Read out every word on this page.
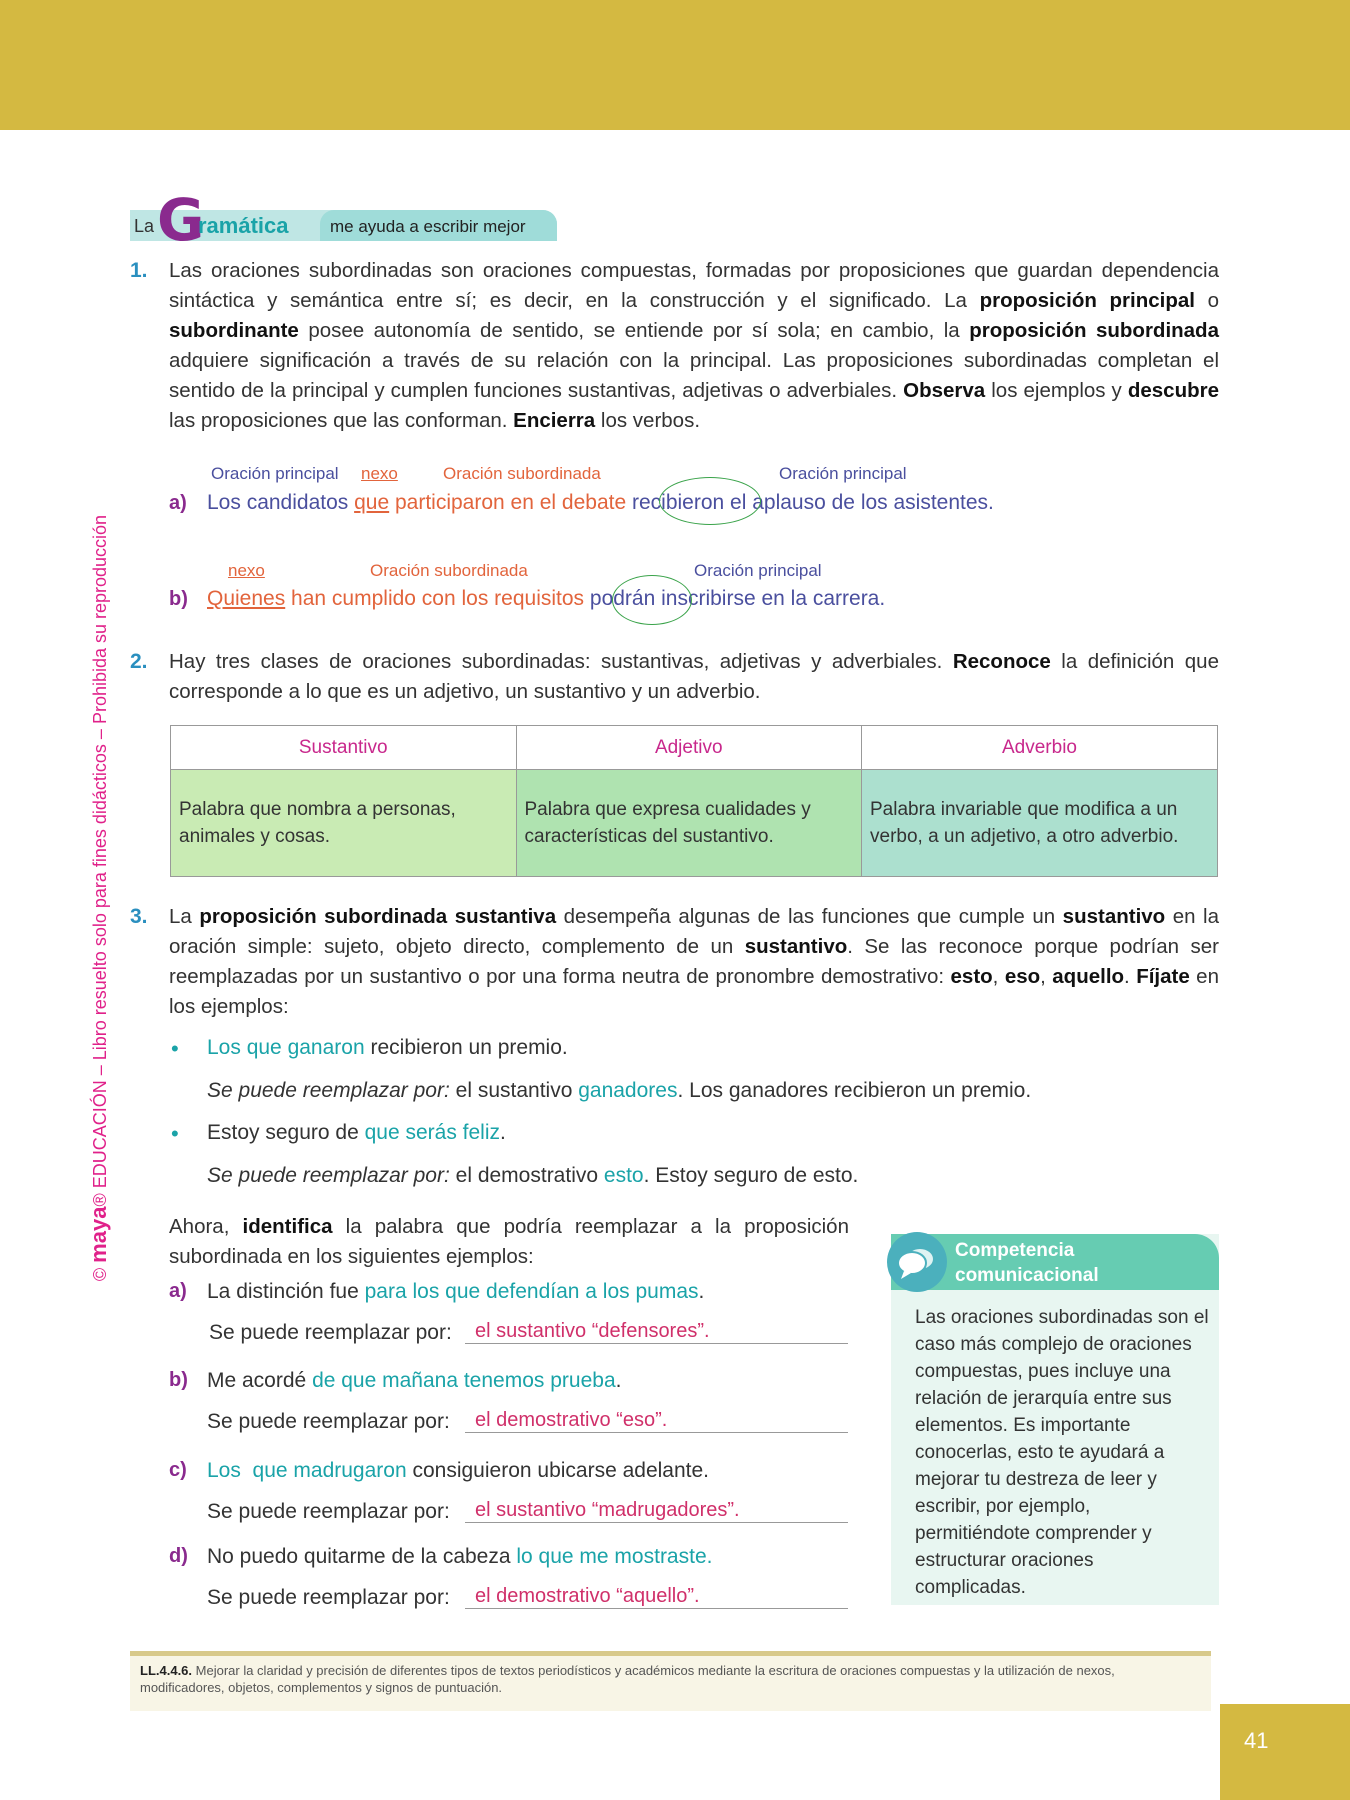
© maya® EDUCACIÓN – Libro resuelto solo para fines didácticos – Prohibida su reproducción
La G
ramática me ayuda a escribir mejor
1. Las oraciones subordinadas son oraciones compuestas, formadas por proposiciones que guardan dependencia sintáctica y semántica entre sí; es decir, en la construcción y el significado. La proposición principal o subordinante posee autonomía de sentido, se entiende por sí sola; en cambio, la proposición subordinada adquiere significación a través de su relación con la principal. Las proposiciones subordinadas completan el sentido de la principal y cumplen funciones sustantivas, adjetivas o adverbiales. Observa los ejemplos y descubre las proposiciones que las conforman. Encierra los verbos.
Oración principal nexo	Oración subordinada	Oración principal
a) Los candidatos que participaron en el debate recibieron el aplauso de los asistentes.
nexo	Oración subordinada	Oración principal
b) Quienes han cumplido con los requisitos podrán inscribirse en la carrera.
2. Hay tres clases de oraciones subordinadas: sustantivas, adjetivas y adverbiales. Reconoce la definición que corresponde a lo que es un adjetivo, un sustantivo y un adverbio.
Sustantivo	Adjetivo	Adverbio
Palabra que nombra a personas, animales y cosas.	Palabra que expresa cualidades y características del sustantivo.	Palabra invariable que modifica a un verbo, a un adjetivo, a otro adverbio.
3. La proposición subordinada sustantiva desempeña algunas de las funciones que cumple un sustantivo en la oración simple: sujeto, objeto directo, complemento de un sustantivo. Se las reconoce porque podrían ser reemplazadas por un sustantivo o por una forma neutra de pronombre demostrativo: esto, eso, aquello. Fíjate en los ejemplos:
• Los que ganaron recibieron un premio.
Se puede reemplazar por: el sustantivo ganadores. Los ganadores recibieron un premio.
• Estoy seguro de que serás feliz.
Se puede reemplazar por: el demostrativo esto. Estoy seguro de esto.
Ahora, identifica la palabra que podría reemplazar a la proposición subordinada en los siguientes ejemplos:
a) La distinción fue para los que defendían a los pumas.
Se puede reemplazar por:	el sustantivo “defensores”.
b) Me acordé de que mañana tenemos prueba.
Se puede reemplazar por:	el demostrativo “eso”.
c) Los  que madrugaron consiguieron ubicarse adelante.
Se puede reemplazar por:	el sustantivo “madrugadores”.
d) No puedo quitarme de la cabeza lo que me mostraste.
Se puede reemplazar por:	el demostrativo “aquello”.
Competencia comunicacional
Las oraciones subordinadas son el caso más complejo de oraciones compuestas, pues incluye una relación de jerarquía entre sus elementos. Es importante conocerlas, esto te ayudará a mejorar tu destreza de leer y escribir, por ejemplo, permitiéndote comprender y estructurar oraciones complicadas.
LL.4.4.6. Mejorar la claridad y precisión de diferentes tipos de textos periodísticos y académicos mediante la escritura de oraciones compuestas y la utilización de nexos, modificadores, objetos, complementos y signos de puntuación.
41
